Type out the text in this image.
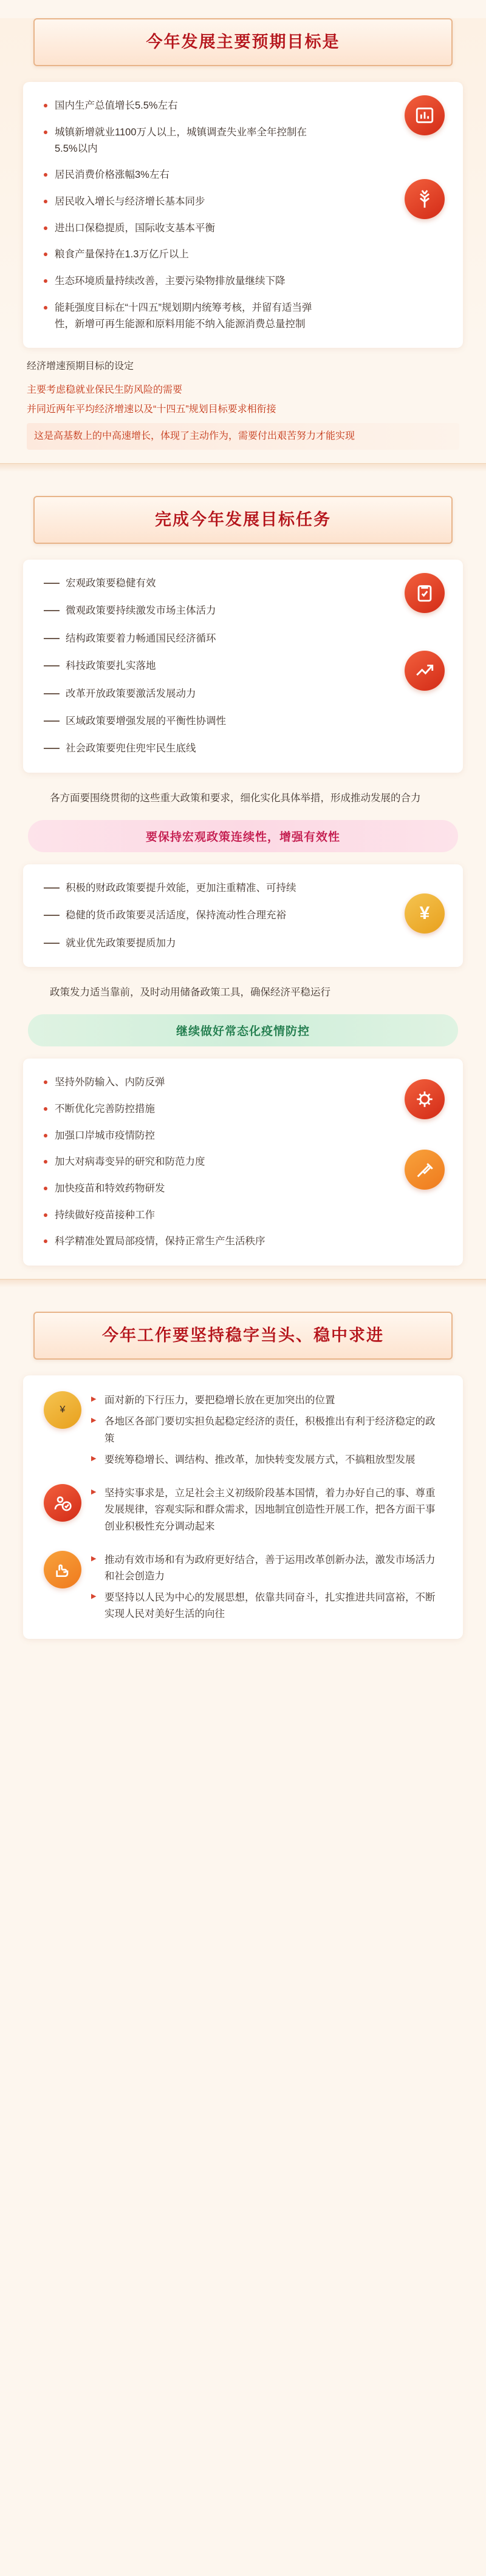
今年发展主要预期目标是
国内生产总值增长5.5%左右
城镇新增就业1100万人以上，城镇调查失业率全年控制在5.5%以内
居民消费价格涨幅3%左右
居民收入增长与经济增长基本同步
进出口保稳提质，国际收支基本平衡
粮食产量保持在1.3万亿斤以上
生态环境质量持续改善，主要污染物排放量继续下降
能耗强度目标在“十四五”规划期内统筹考核，并留有适当弹性，新增可再生能源和原料用能不纳入能源消费总量控制
经济增速预期目标的设定
主要考虑稳就业保民生防风险的需要
并同近两年平均经济增速以及“十四五”规划目标要求相衔接
这是高基数上的中高速增长，体现了主动作为，需要付出艰苦努力才能实现
完成今年发展目标任务
宏观政策要稳健有效
微观政策要持续激发市场主体活力
结构政策要着力畅通国民经济循环
科技政策要扎实落地
改革开放政策要激活发展动力
区域政策要增强发展的平衡性协调性
社会政策要兜住兜牢民生底线

各方面要围绕贯彻的这些重大政策和要求，细化实化具体举措，形成推动发展的合力

要保持宏观政策连续性，增强有效性
¥
积极的财政政策要提升效能，更加注重精准、可持续
稳健的货币政策要灵活适度，保持流动性合理充裕
就业优先政策要提质加力

政策发力适当靠前，及时动用储备政策工具，确保经济平稳运行

继续做好常态化疫情防控
坚持外防输入、内防反弹
不断优化完善防控措施
加强口岸城市疫情防控
加大对病毒变异的研究和防范力度
加快疫苗和特效药物研发
持续做好疫苗接种工作
科学精准处置局部疫情，保持正常生产生活秩序
今年工作要坚持稳字当头、稳中求进
¥

▶ 面对新的下行压力，要把稳增长放在更加突出的位置

▶ 各地区各部门要切实担负起稳定经济的责任，积极推出有利于经济稳定的政策

▶ 要统筹稳增长、调结构、推改革，加快转变发展方式，不搞粗放型发展

▶ 坚持实事求是，立足社会主义初级阶段基本国情，着力办好自己的事、尊重发展规律，容观实际和群众需求，因地制宜创造性开展工作，把各方面干事创业积极性充分调动起来

▶ 推动有效市场和有为政府更好结合，善于运用改革创新办法，激发市场活力和社会创造力

▶ 要坚持以人民为中心的发展思想，依靠共同奋斗，扎实推进共同富裕，不断实现人民对美好生活的向往
